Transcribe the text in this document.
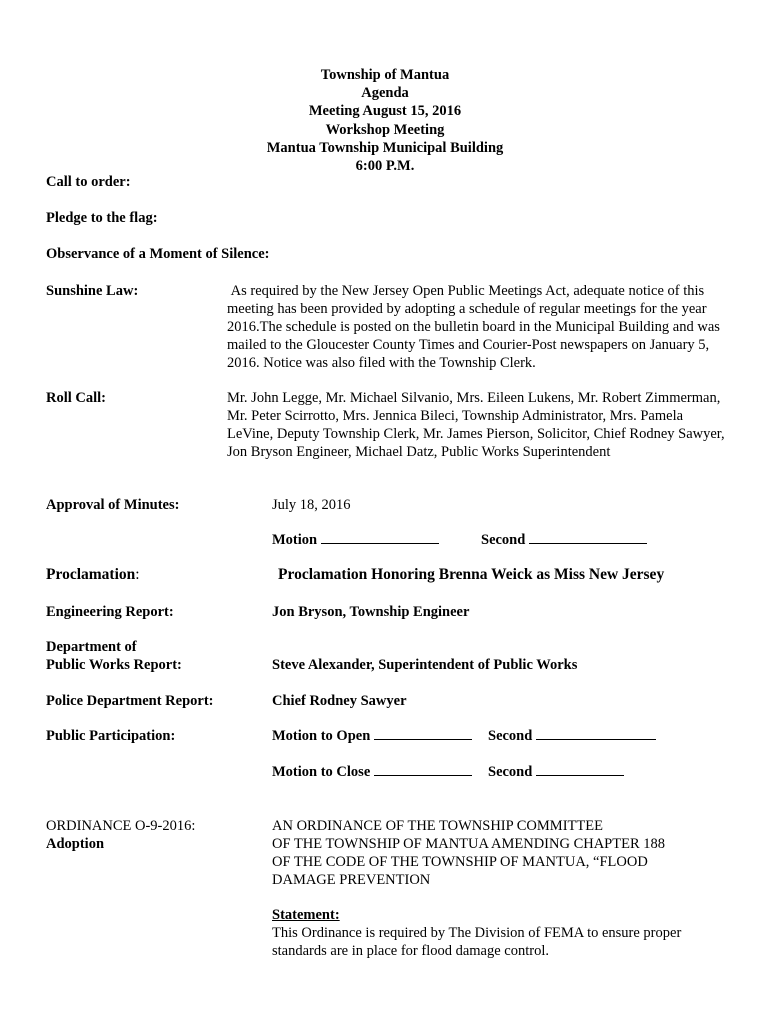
Township of Mantua
Agenda
Meeting August 15, 2016
Workshop Meeting
Mantua Township Municipal Building
6:00 P.M.
Call to order:
Pledge to the flag:
Observance of a Moment of Silence:
Sunshine Law:	As required by the New Jersey Open Public Meetings Act, adequate notice of this meeting has been provided by adopting a schedule of regular meetings for the year 2016.The schedule is posted on the bulletin board in the Municipal Building and was mailed to the Gloucester County Times and Courier-Post newspapers on January 5, 2016. Notice was also filed with the Township Clerk.
Roll Call:	Mr. John Legge, Mr. Michael Silvanio, Mrs. Eileen Lukens, Mr. Robert Zimmerman, Mr. Peter Scirrotto, Mrs. Jennica Bileci, Township Administrator, Mrs. Pamela LeVine, Deputy Township Clerk, Mr. James Pierson, Solicitor, Chief Rodney Sawyer, Jon Bryson Engineer, Michael Datz, Public Works Superintendent
Approval of Minutes:	July 18, 2016
Motion	Second
Proclamation:	Proclamation Honoring Brenna Weick as Miss New Jersey
Engineering Report:	Jon Bryson, Township Engineer
Department of
Public Works Report:	Steve Alexander, Superintendent of Public Works
Police Department Report:	Chief Rodney Sawyer
Public Participation:	Motion to Open	Second
Motion to Close	Second
ORDINANCE O-9-2016:
Adoption
AN ORDINANCE OF THE TOWNSHIP COMMITTEE
OF THE TOWNSHIP OF MANTUA AMENDING CHAPTER 188
OF THE CODE OF THE TOWNSHIP OF MANTUA, “FLOOD
DAMAGE PREVENTION
Statement:
This Ordinance is required by The Division of FEMA to ensure proper standards are in place for flood damage control.
